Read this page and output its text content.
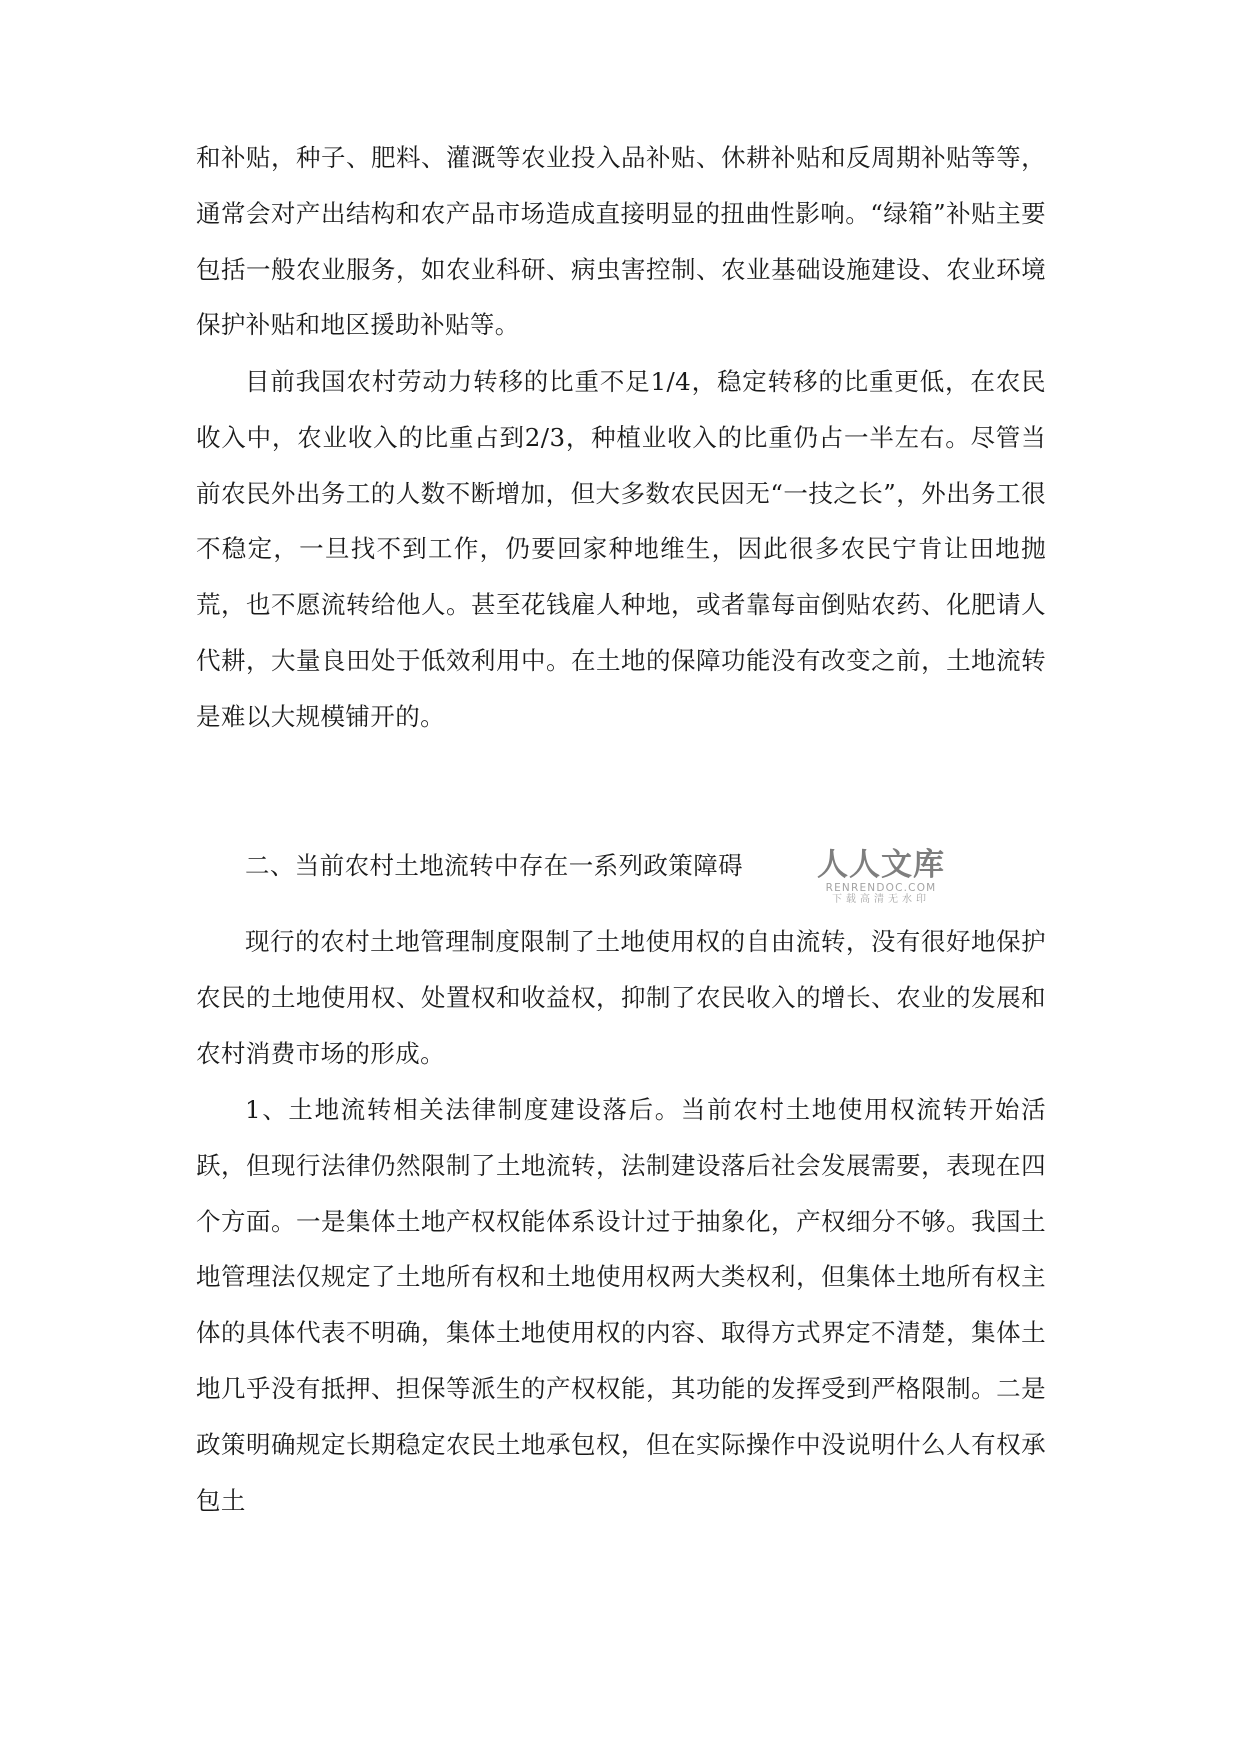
和补贴，种子、肥料、灌溉等农业投入品补贴、休耕补贴和反周期补贴等等，通常会对产出结构和农产品市场造成直接明显的扭曲性影响。“绿箱”补贴主要包括一般农业服务，如农业科研、病虫害控制、农业基础设施建设、农业环境保护补贴和地区援助补贴等。

目前我国农村劳动力转移的比重不足1/4，稳定转移的比重更低，在农民收入中，农业收入的比重占到2/3，种植业收入的比重仍占一半左右。尽管当前农民外出务工的人数不断增加，但大多数农民因无“一技之长”，外出务工很不稳定，一旦找不到工作，仍要回家种地维生，因此很多农民宁肯让田地抛荒，也不愿流转给他人。甚至花钱雇人种地，或者靠每亩倒贴农药、化肥请人代耕，大量良田处于低效利用中。在土地的保障功能没有改变之前，土地流转是难以大规模铺开的。

二、当前农村土地流转中存在一系列政策障碍	人人文库
RENRENDOC.COM
下载高清无水印

现行的农村土地管理制度限制了土地使用权的自由流转，没有很好地保护农民的土地使用权、处置权和收益权，抑制了农民收入的增长、农业的发展和农村消费市场的形成。

1、土地流转相关法律制度建设落后。当前农村土地使用权流转开始活跃，但现行法律仍然限制了土地流转，法制建设落后社会发展需要，表现在四个方面。一是集体土地产权权能体系设计过于抽象化，产权细分不够。我国土地管理法仅规定了土地所有权和土地使用权两大类权利，但集体土地所有权主体的具体代表不明确，集体土地使用权的内容、取得方式界定不清楚，集体土地几乎没有抵押、担保等派生的产权权能，其功能的发挥受到严格限制。二是政策明确规定长期稳定农民土地承包权，但在实际操作中没说明什么人有权承包土
